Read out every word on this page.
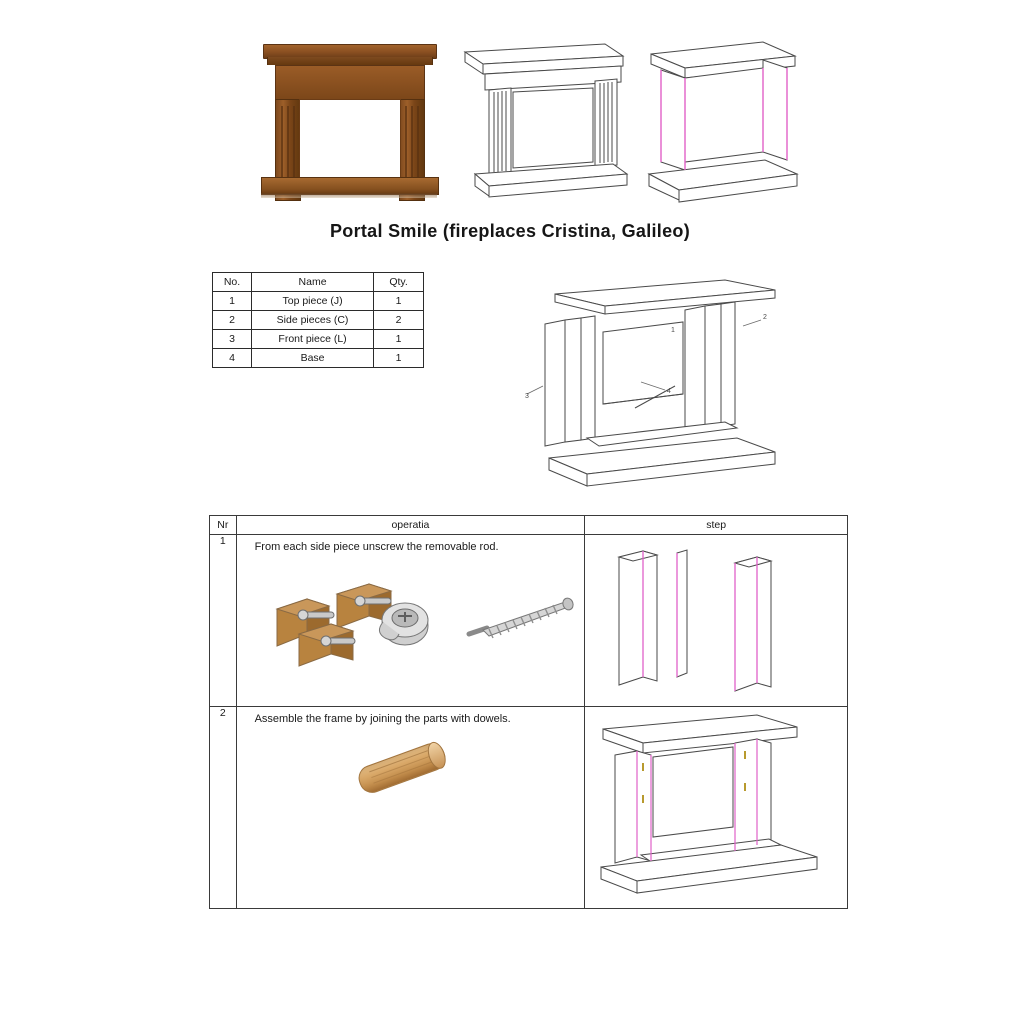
Portal Smile (fireplaces Cristina, Galileo)
No.	Name	Qty.
1	Top piece (J)	1
2	Side pieces (C)	2
3	Front piece (L)	1
4	Base	1
2
4
3
1
Nr	operatia	step
1	From each side piece unscrew the removable rod.

2	Assemble the frame by joining the parts with dowels.
